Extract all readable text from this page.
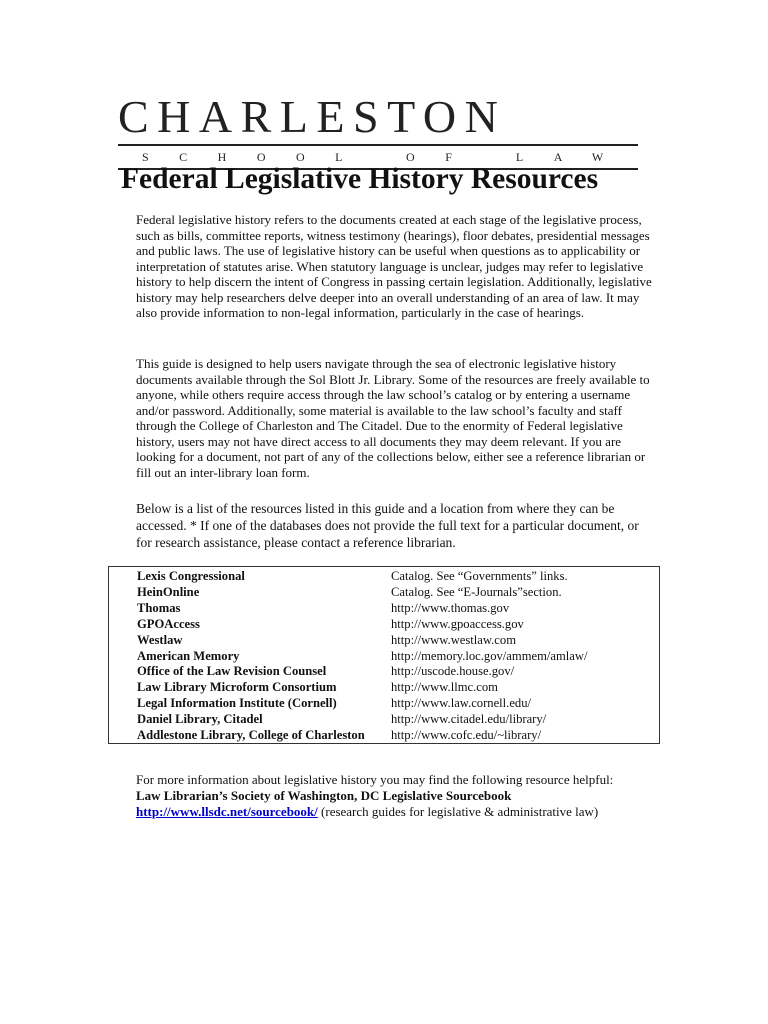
CHARLESTON
SCHOOL OF LAW
Federal Legislative History Resources

Federal legislative history refers to the documents created at each stage of the legislative process, such as bills, committee reports, witness testimony (hearings), floor debates, presidential messages and public laws. The use of legislative history can be useful when questions as to applicability or interpretation of statutes arise. When statutory language is unclear, judges may refer to legislative history to help discern the intent of Congress in passing certain legislation. Additionally, legislative history may help researchers delve deeper into an overall understanding of an area of law. It may also provide information to non-legal information, particularly in the case of hearings.

This guide is designed to help users navigate through the sea of electronic legislative history documents available through the Sol Blott Jr. Library. Some of the resources are freely available to anyone, while others require access through the law school’s catalog or by entering a username and/or password. Additionally, some material is available to the law school’s faculty and staff through the College of Charleston and The Citadel. Due to the enormity of Federal legislative history, users may not have direct access to all documents they may deem relevant. If you are looking for a document, not part of any of the collections below, either see a reference librarian or fill out an inter-library loan form.

Below is a list of the resources listed in this guide and a location from where they can be accessed. * If one of the databases does not provide the full text for a particular document, or for research assistance, please contact a reference librarian.

Lexis Congressional	Catalog. See “Governments” links.
HeinOnline	Catalog. See “E-Journals”section.
Thomas	http://www.thomas.gov
GPOAccess	http://www.gpoaccess.gov
Westlaw	http://www.westlaw.com
American Memory	http://memory.loc.gov/ammem/amlaw/
Office of the Law Revision Counsel	http://uscode.house.gov/
Law Library Microform Consortium	http://www.llmc.com
Legal Information Institute (Cornell)	http://www.law.cornell.edu/
Daniel Library, Citadel	http://www.citadel.edu/library/
Addlestone Library, College of Charleston	http://www.cofc.edu/~library/
For more information about legislative history you may find the following resource helpful:
Law Librarian’s Society of Washington, DC Legislative Sourcebook
http://www.llsdc.net/sourcebook/ (research guides for legislative & administrative law)
